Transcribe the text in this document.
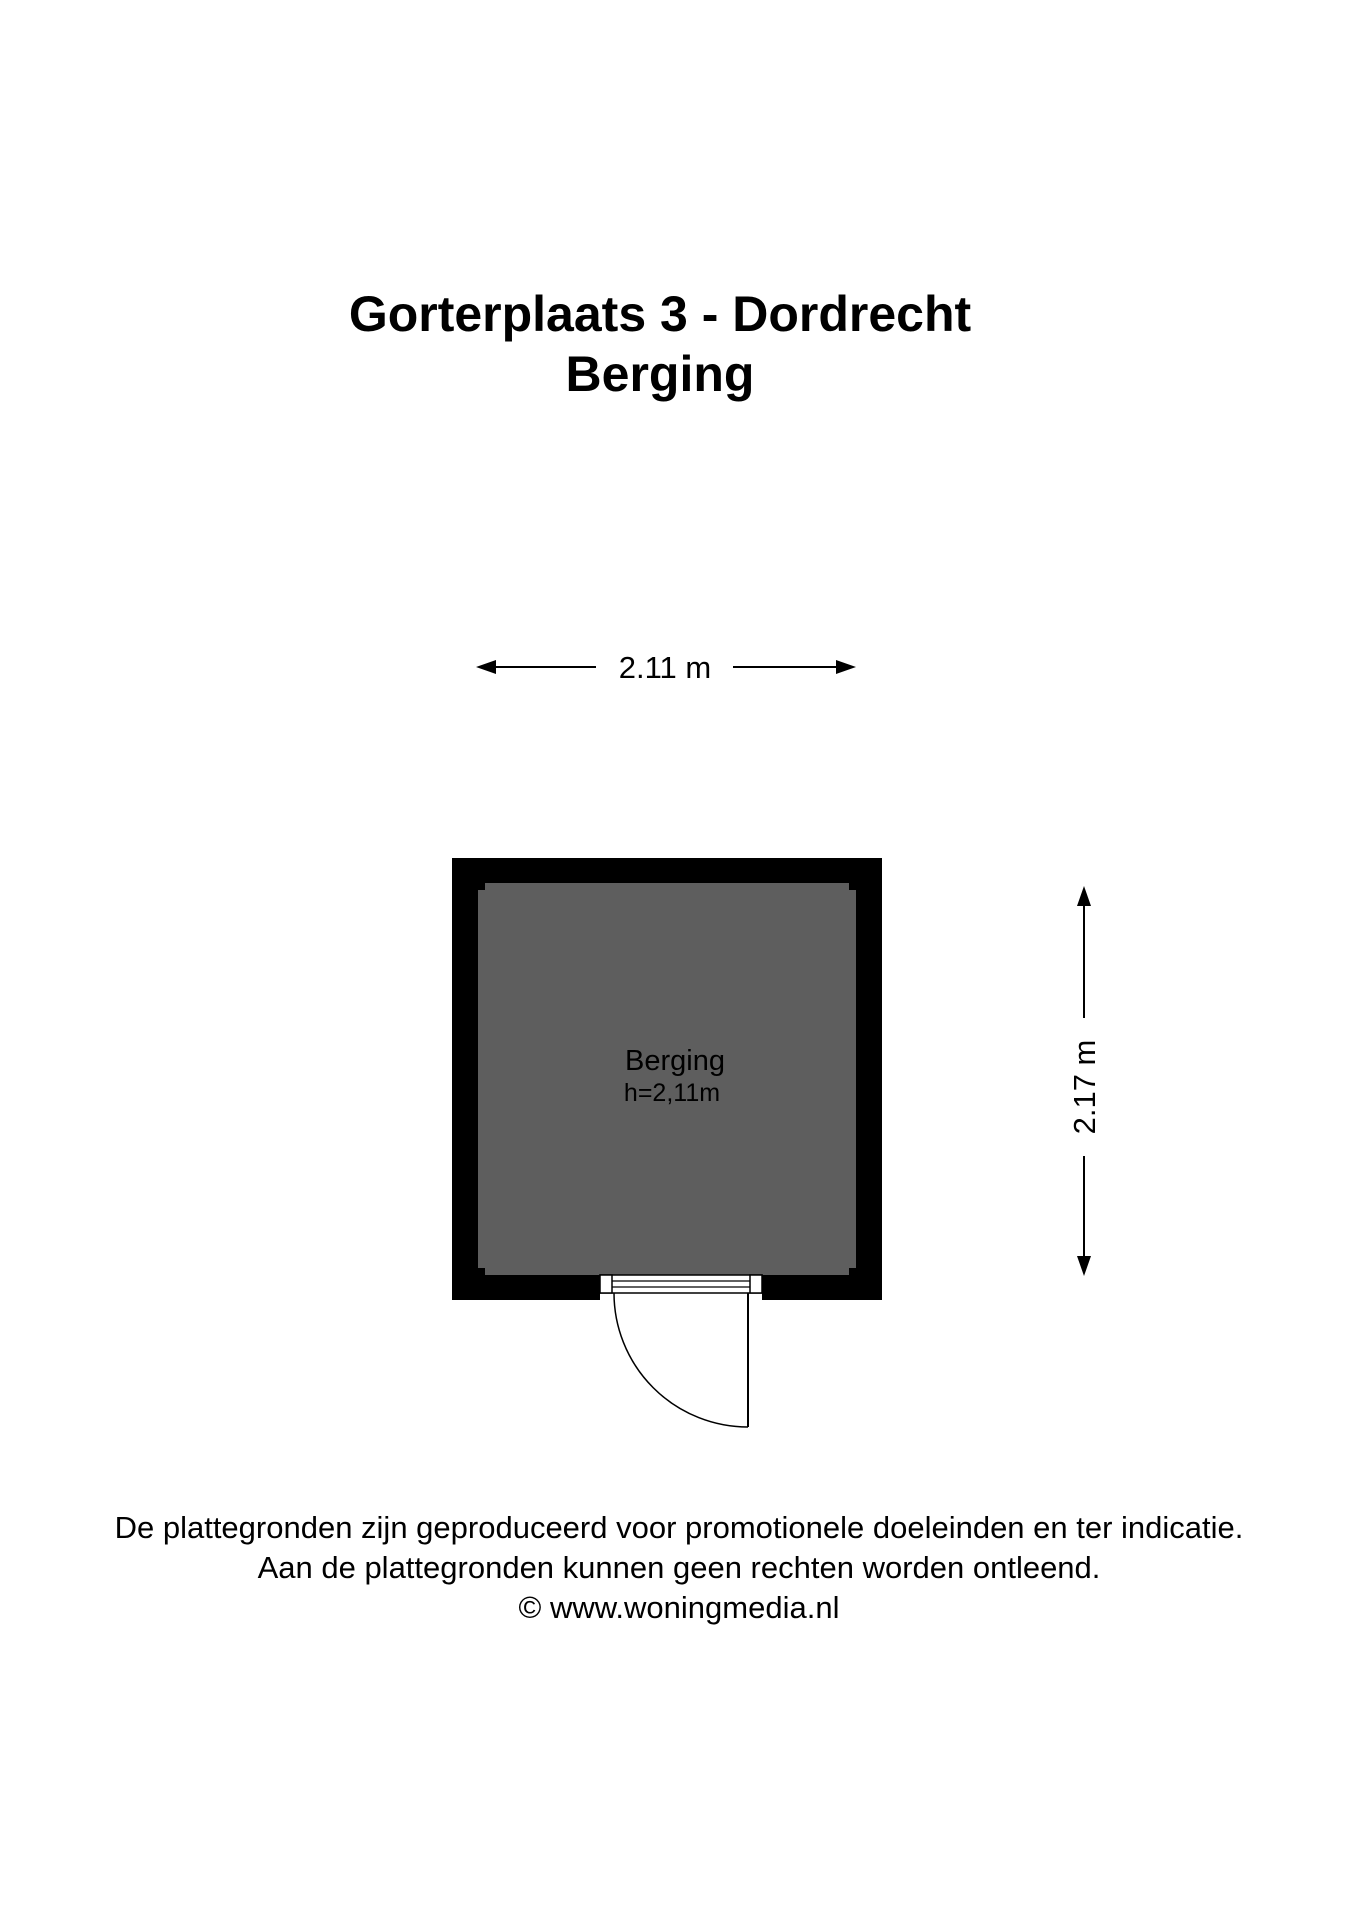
Gorterplaats 3 - Dordrecht
Berging
2.11 m
2.17 m
Berging
h=2,11m
De plattegronden zijn geproduceerd voor promotionele doeleinden en ter indicatie.
Aan de plattegronden kunnen geen rechten worden ontleend.
© www.woningmedia.nl
